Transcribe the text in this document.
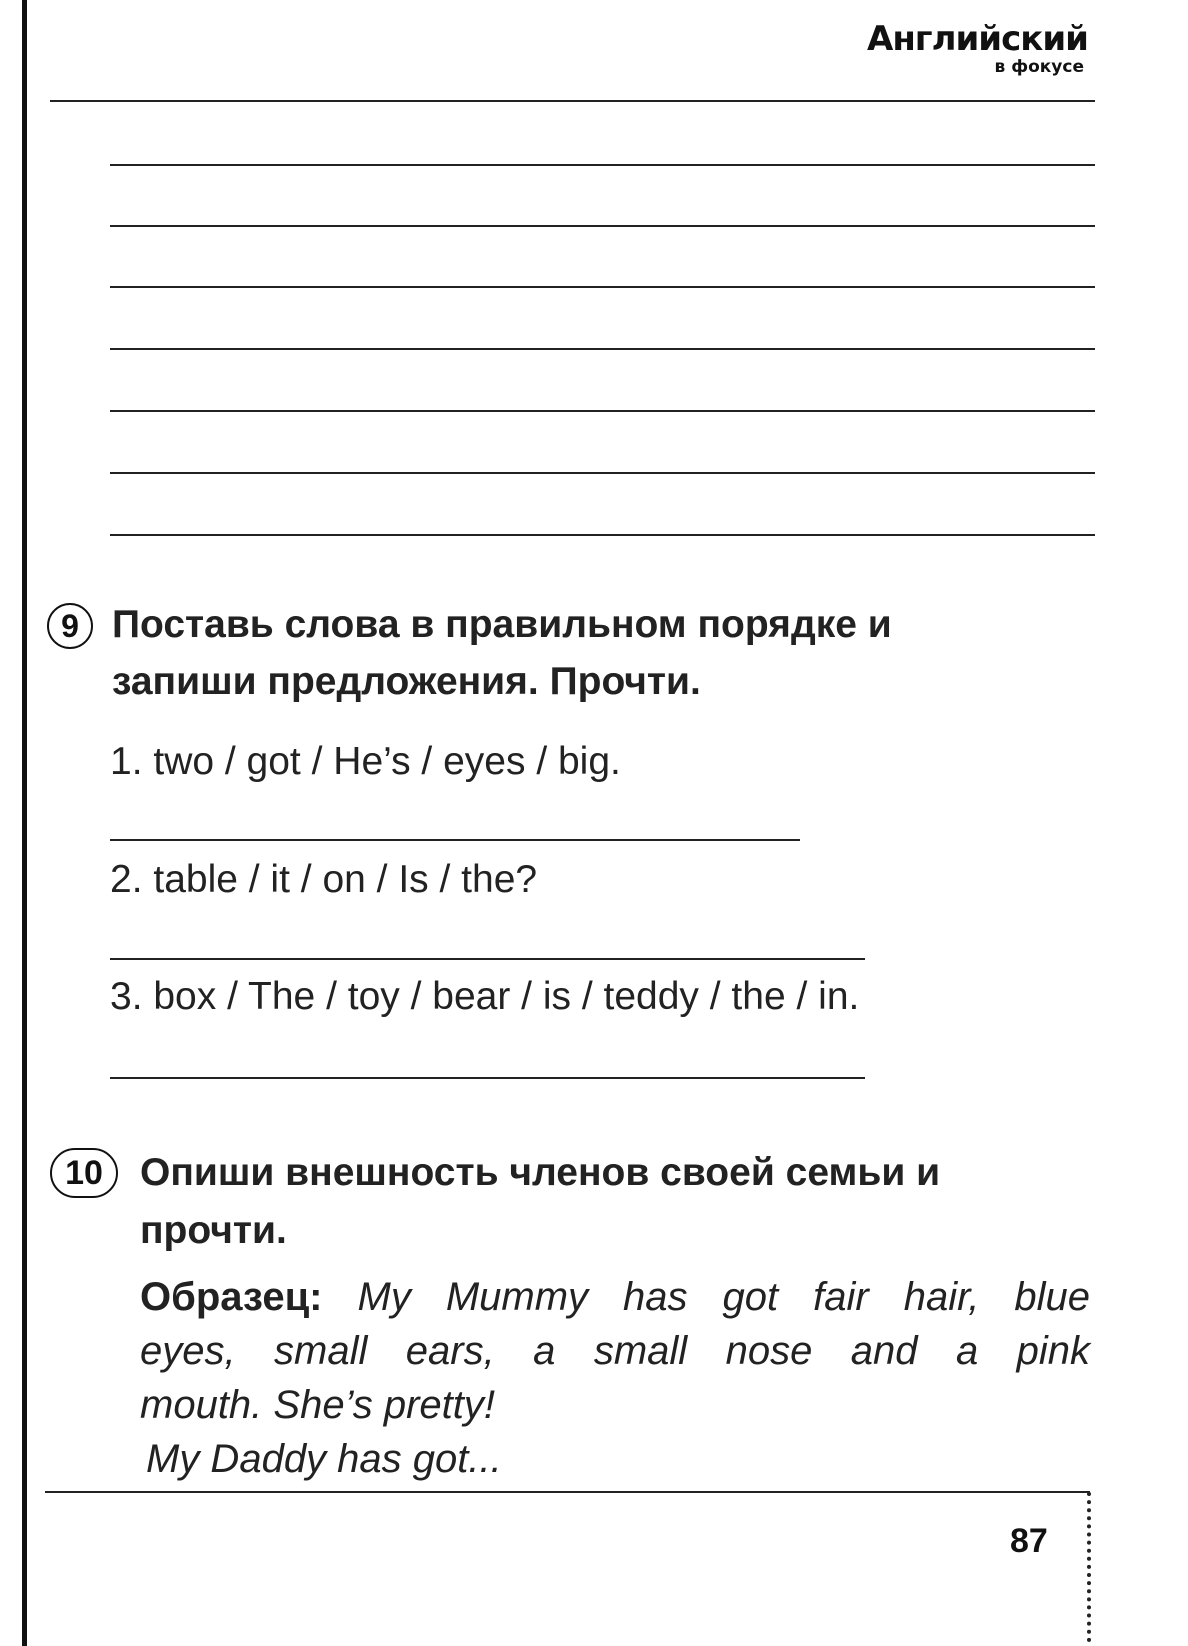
Английский
в фокусе
9 Поставь слова в правильном порядке и

запиши предложения. Прочти.

1. two / got / He’s / eyes / big.

2. table / it / on / Is / the?

3. box / The / toy / bear / is / teddy / the / in.

10 Опиши внешность членов своей семьи и

прочти.

Образец: My Mummy has got fair hair, blue
eyes, small ears, a small nose and a pink
mouth. She’s pretty!
My Daddy has got...
87
